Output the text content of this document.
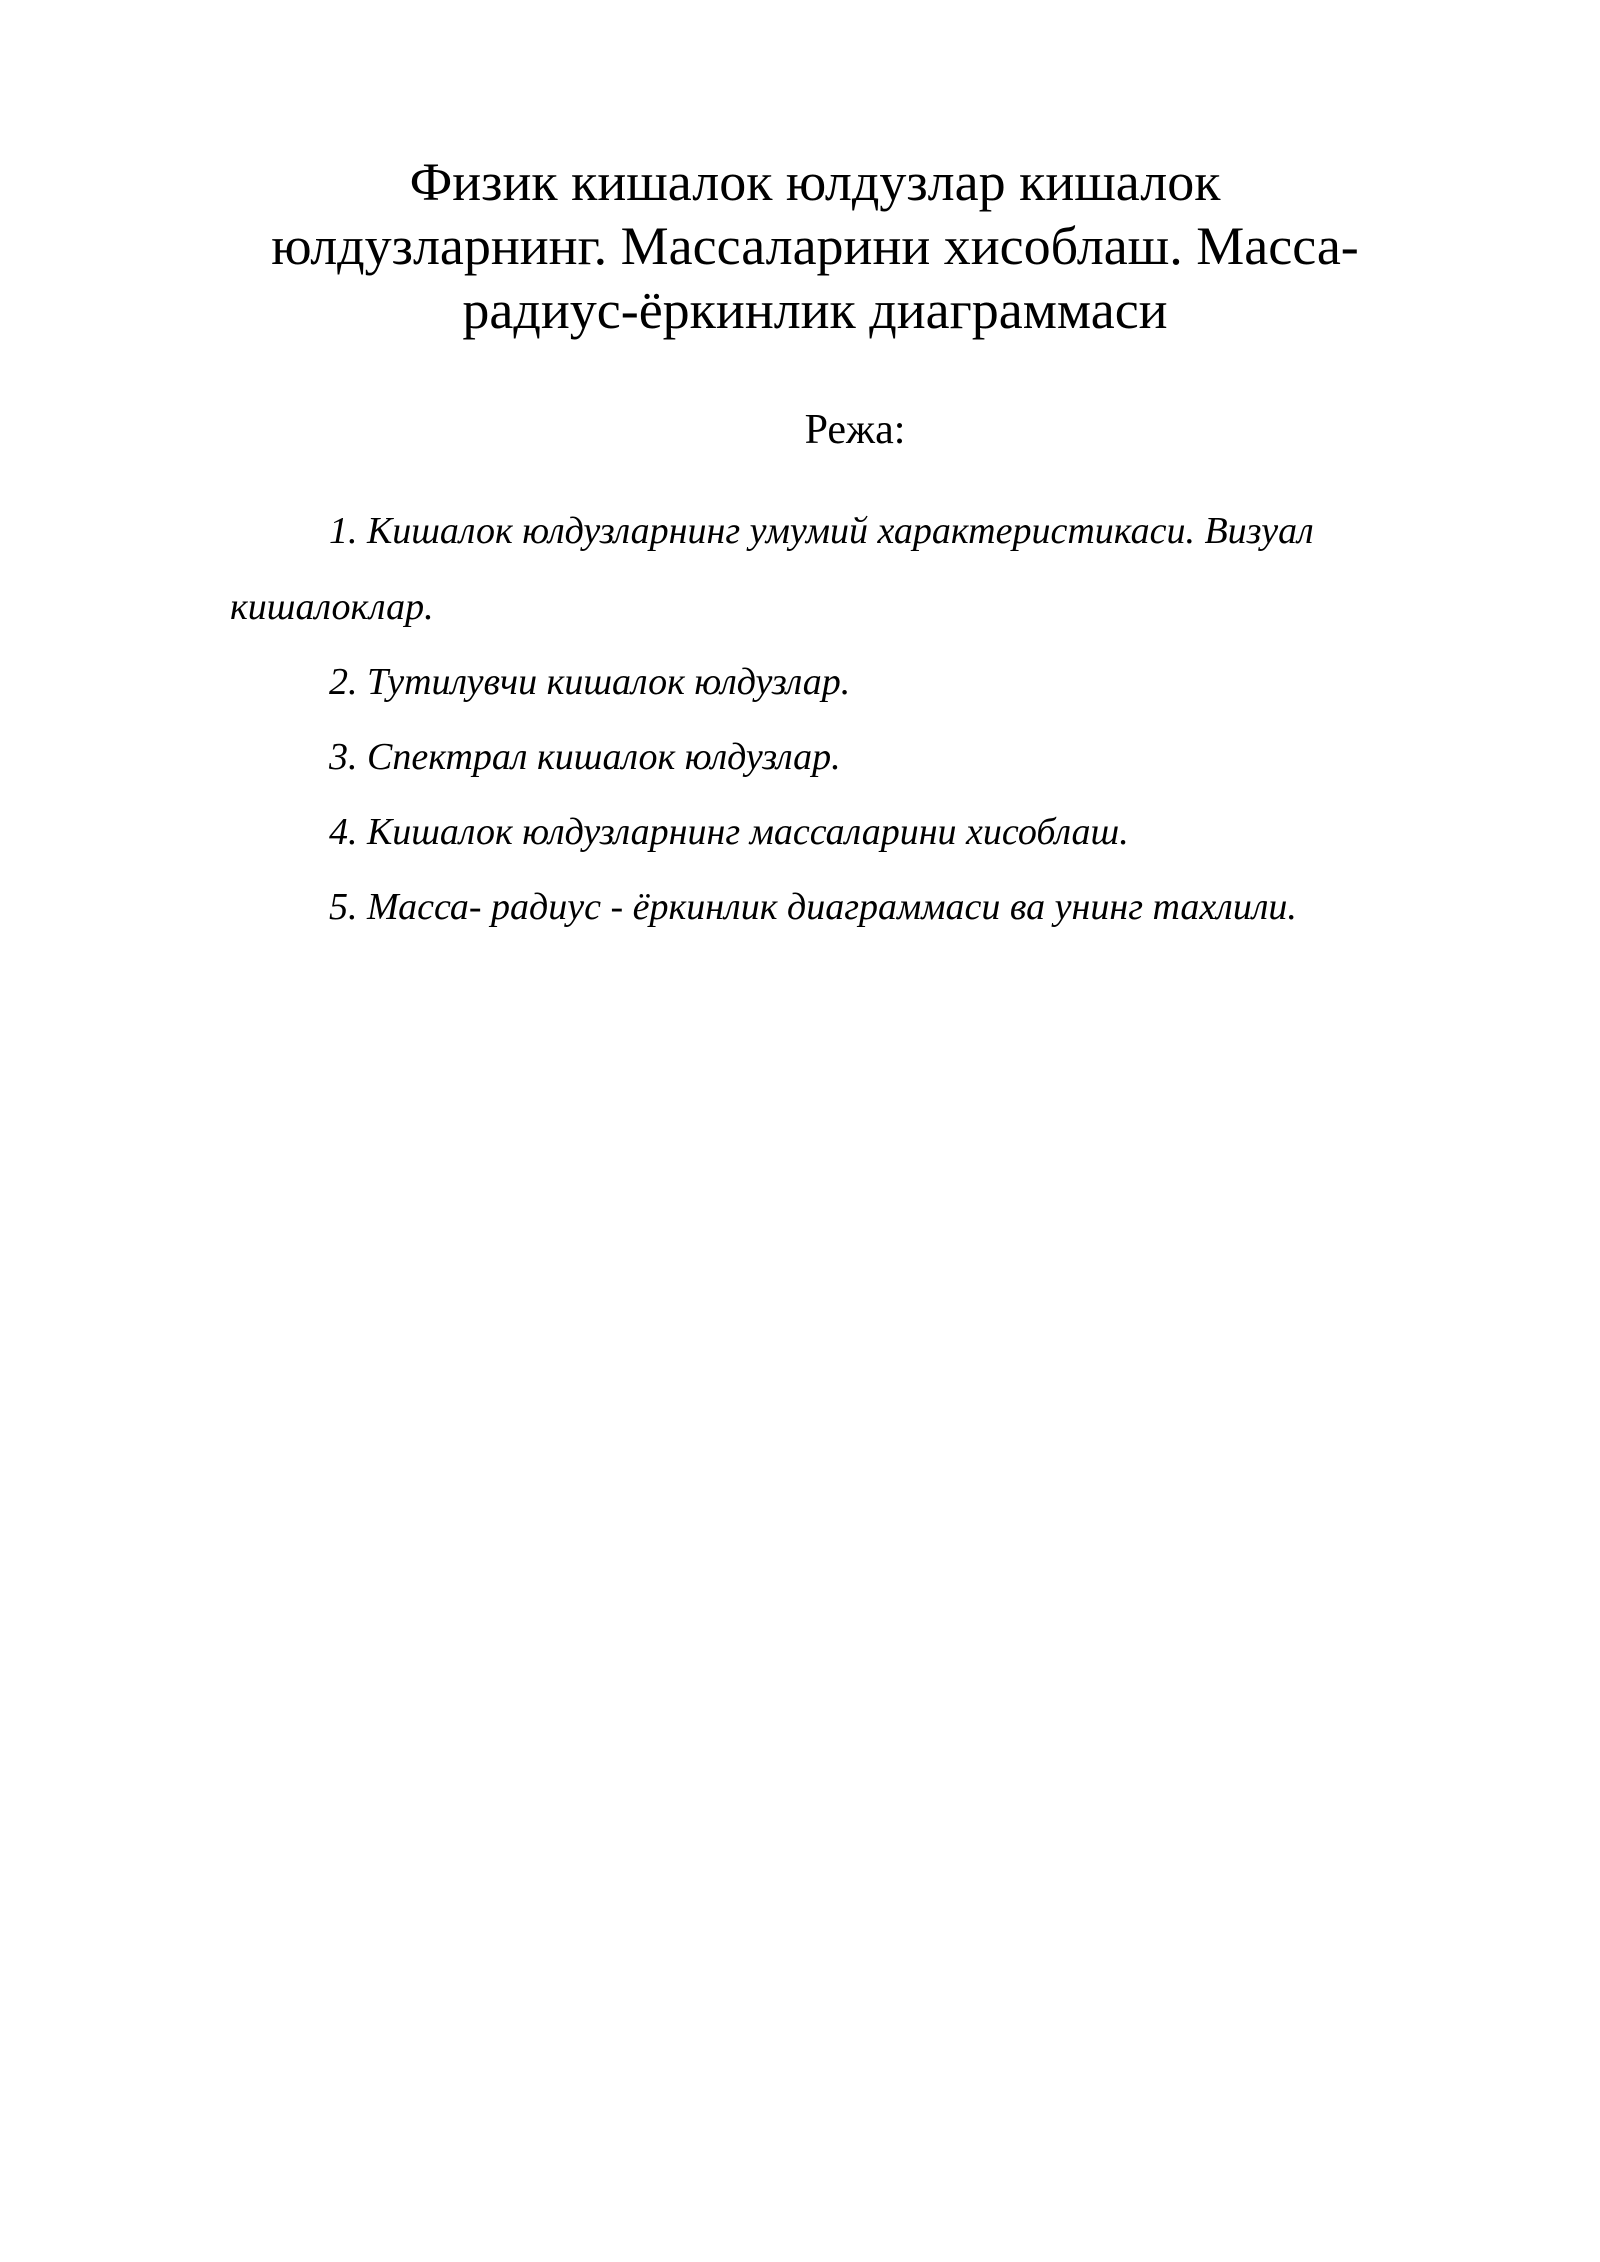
Физик кишалок юлдузлар кишалок
юлдузларнинг. Массаларини хисоблаш. Масса-
радиус-ёркинлик диаграммаси
Режа:
1. Кишалок юлдузларнинг умумий характеристикаси. Визуал
кишалоклар.
2. Тутилувчи кишалок юлдузлар.
3. Спектрал кишалок юлдузлар.
4. Кишалок юлдузларнинг массаларини хисоблаш.
5. Масса- радиус - ёркинлик диаграммаси ва унинг тахлили.
